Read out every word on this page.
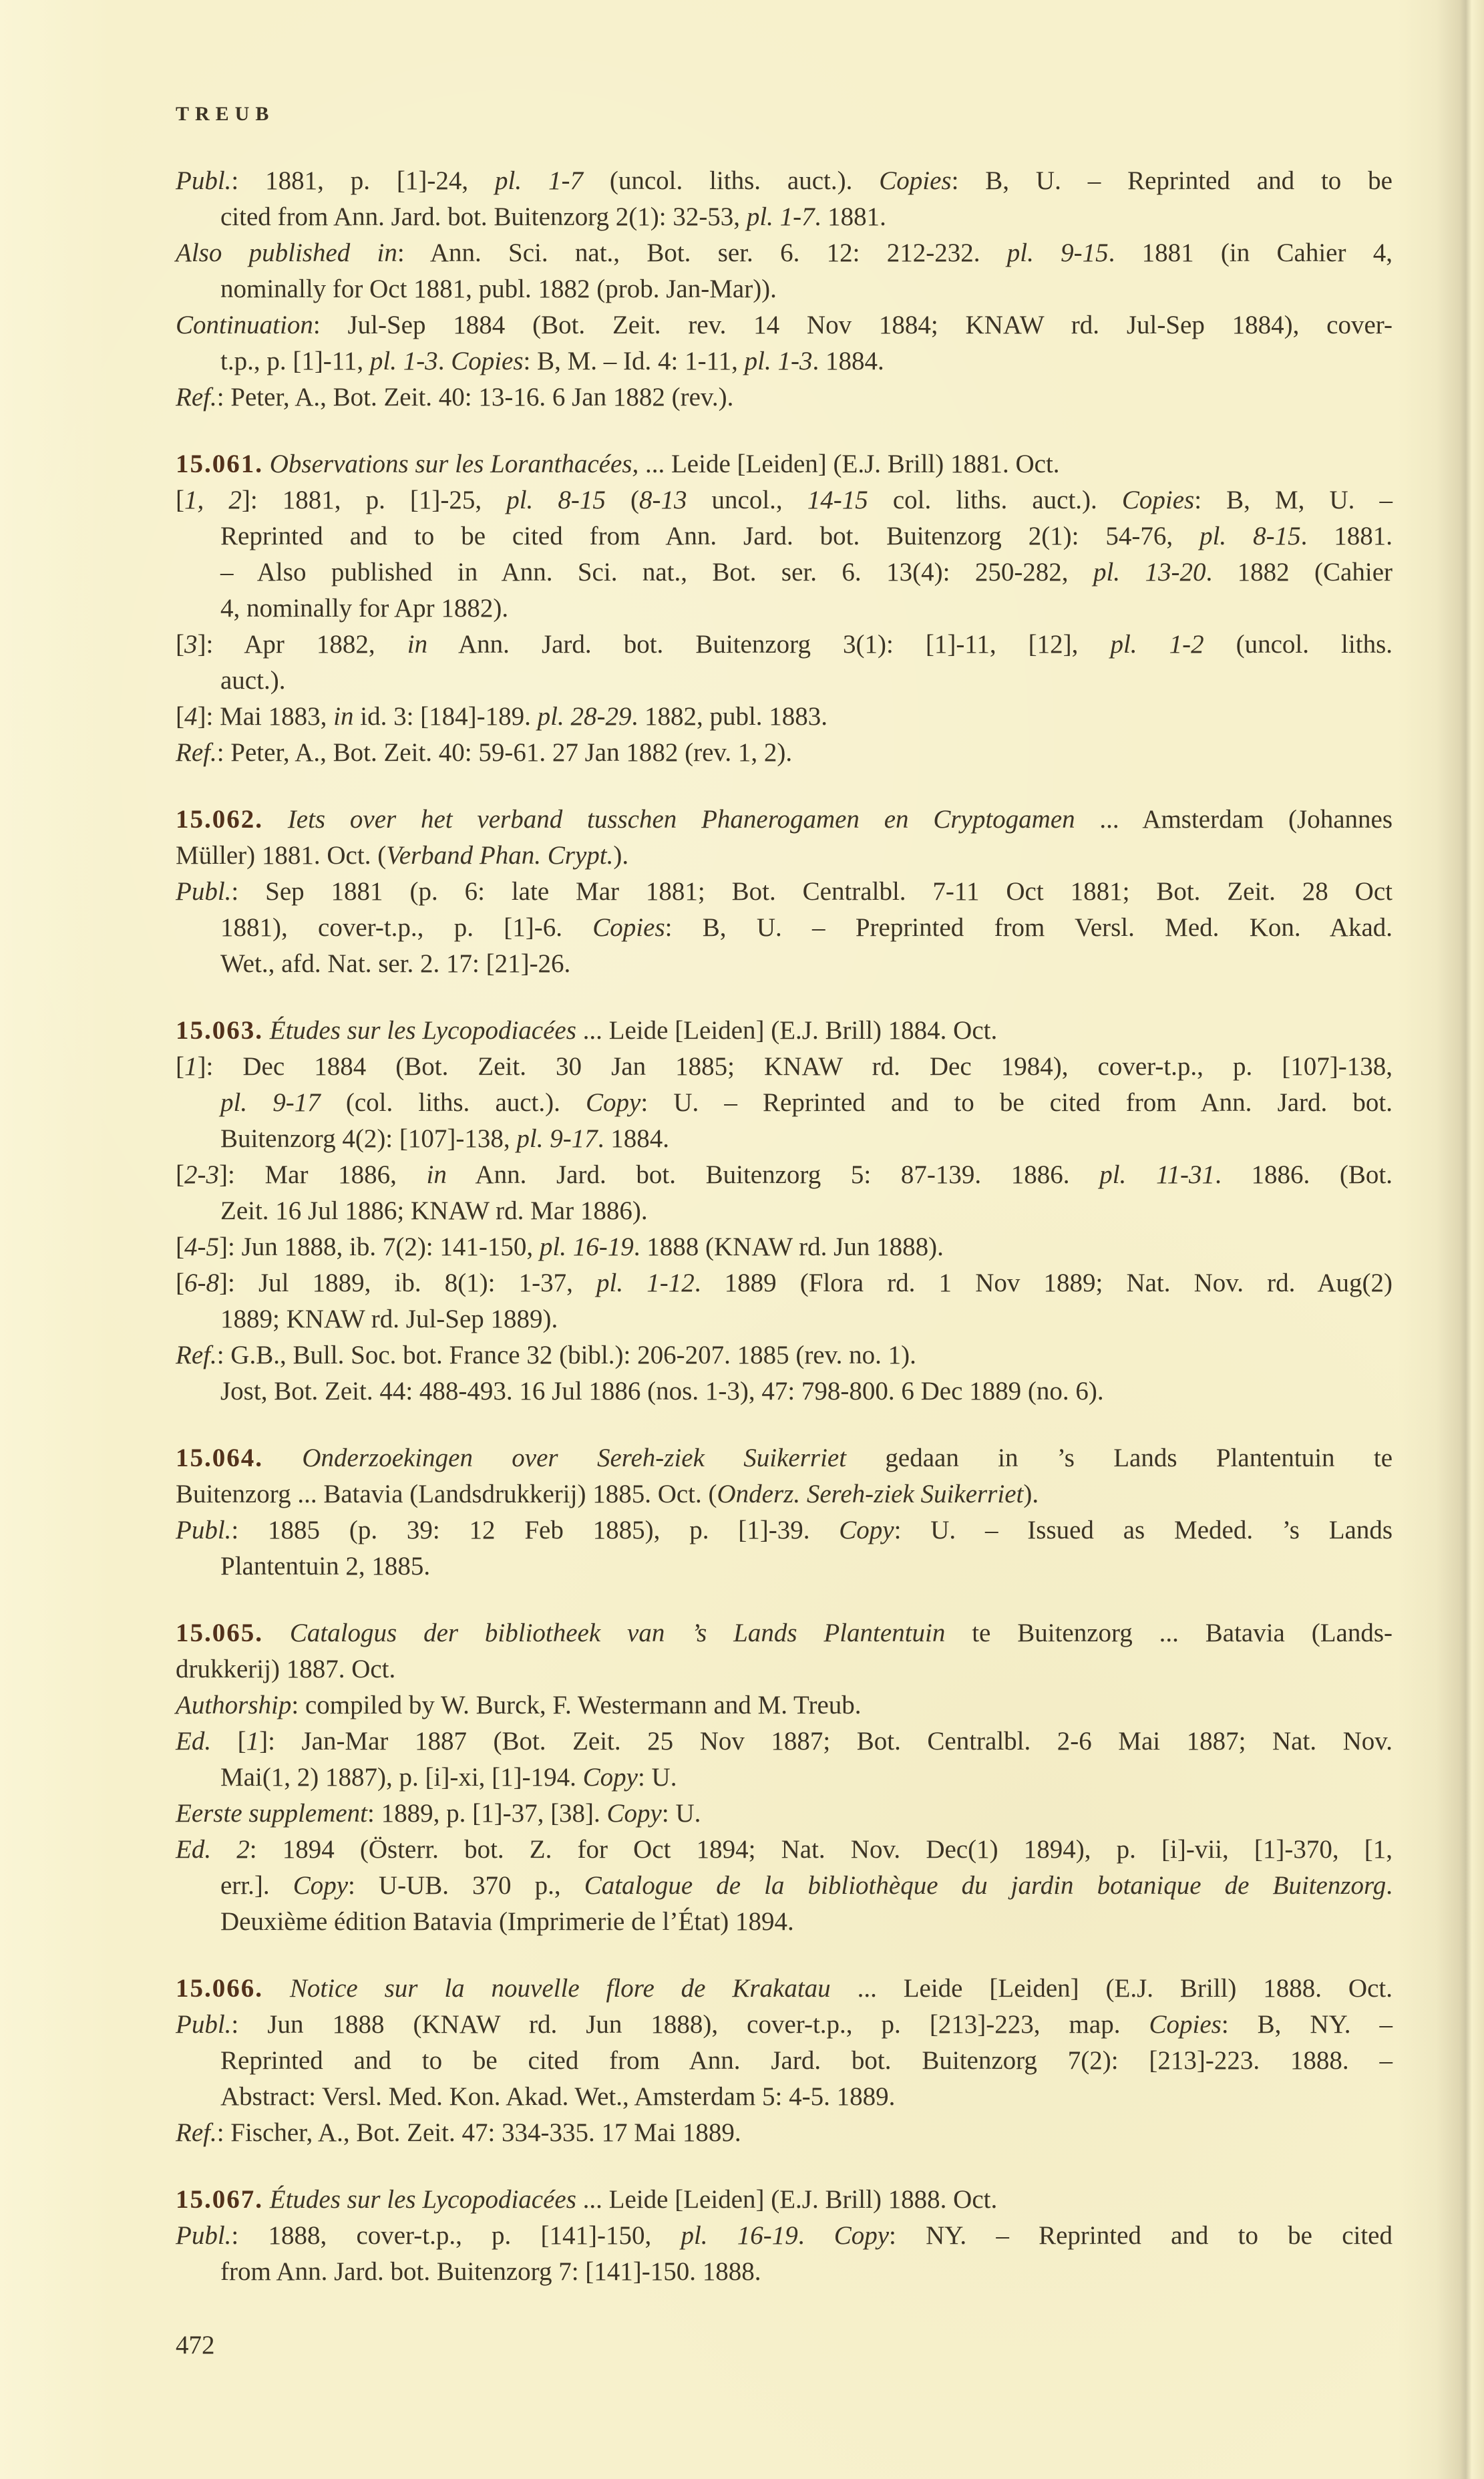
TREUB
Publ.: 1881, p. [1]-24, pl. 1-7 (uncol. liths. auct.). Copies: B, U. – Reprinted and to be
cited from Ann. Jard. bot. Buitenzorg 2(1): 32-53, pl. 1-7. 1881.
Also published in: Ann. Sci. nat., Bot. ser. 6. 12: 212-232. pl. 9-15. 1881 (in Cahier 4,
nominally for Oct 1881, publ. 1882 (prob. Jan-Mar)).
Continuation: Jul-Sep 1884 (Bot. Zeit. rev. 14 Nov 1884; KNAW rd. Jul-Sep 1884), cover-
t.p., p. [1]-11, pl. 1-3. Copies: B, M. – Id. 4: 1-11, pl. 1-3. 1884.
Ref.: Peter, A., Bot. Zeit. 40: 13-16. 6 Jan 1882 (rev.).
15.061. Observations sur les Loranthacées, ... Leide [Leiden] (E.J. Brill) 1881. Oct.
[1, 2]: 1881, p. [1]-25, pl. 8-15 (8-13 uncol., 14-15 col. liths. auct.). Copies: B, M, U. –
Reprinted and to be cited from Ann. Jard. bot. Buitenzorg 2(1): 54-76, pl. 8-15. 1881.
– Also published in Ann. Sci. nat., Bot. ser. 6. 13(4): 250-282, pl. 13-20. 1882 (Cahier
4, nominally for Apr 1882).
[3]: Apr 1882, in Ann. Jard. bot. Buitenzorg 3(1): [1]-11, [12], pl. 1-2 (uncol. liths.
auct.).
[4]: Mai 1883, in id. 3: [184]-189. pl. 28-29. 1882, publ. 1883.
Ref.: Peter, A., Bot. Zeit. 40: 59-61. 27 Jan 1882 (rev. 1, 2).
15.062. Iets over het verband tusschen Phanerogamen en Cryptogamen ... Amsterdam (Johannes
Müller) 1881. Oct. (Verband Phan. Crypt.).
Publ.: Sep 1881 (p. 6: late Mar 1881; Bot. Centralbl. 7-11 Oct 1881; Bot. Zeit. 28 Oct
1881), cover-t.p., p. [1]-6. Copies: B, U. – Preprinted from Versl. Med. Kon. Akad.
Wet., afd. Nat. ser. 2. 17: [21]-26.
15.063. Études sur les Lycopodiacées ... Leide [Leiden] (E.J. Brill) 1884. Oct.
[1]: Dec 1884 (Bot. Zeit. 30 Jan 1885; KNAW rd. Dec 1984), cover-t.p., p. [107]-138,
pl. 9-17 (col. liths. auct.). Copy: U. – Reprinted and to be cited from Ann. Jard. bot.
Buitenzorg 4(2): [107]-138, pl. 9-17. 1884.
[2-3]: Mar 1886, in Ann. Jard. bot. Buitenzorg 5: 87-139. 1886. pl. 11-31. 1886. (Bot.
Zeit. 16 Jul 1886; KNAW rd. Mar 1886).
[4-5]: Jun 1888, ib. 7(2): 141-150, pl. 16-19. 1888 (KNAW rd. Jun 1888).
[6-8]: Jul 1889, ib. 8(1): 1-37, pl. 1-12. 1889 (Flora rd. 1 Nov 1889; Nat. Nov. rd. Aug(2)
1889; KNAW rd. Jul-Sep 1889).
Ref.: G.B., Bull. Soc. bot. France 32 (bibl.): 206-207. 1885 (rev. no. 1).
Jost, Bot. Zeit. 44: 488-493. 16 Jul 1886 (nos. 1-3), 47: 798-800. 6 Dec 1889 (no. 6).
15.064. Onderzoekingen over Sereh-ziek Suikerriet gedaan in ’s Lands Plantentuin te
Buitenzorg ... Batavia (Landsdrukkerij) 1885. Oct. (Onderz. Sereh-ziek Suikerriet).
Publ.: 1885 (p. 39: 12 Feb 1885), p. [1]-39. Copy: U. – Issued as Meded. ’s Lands
Plantentuin 2, 1885.
15.065. Catalogus der bibliotheek van ’s Lands Plantentuin te Buitenzorg ... Batavia (Lands-
drukkerij) 1887. Oct.
Authorship: compiled by W. Burck, F. Westermann and M. Treub.
Ed. [1]: Jan-Mar 1887 (Bot. Zeit. 25 Nov 1887; Bot. Centralbl. 2-6 Mai 1887; Nat. Nov.
Mai(1, 2) 1887), p. [i]-xi, [1]-194. Copy: U.
Eerste supplement: 1889, p. [1]-37, [38]. Copy: U.
Ed. 2: 1894 (Österr. bot. Z. for Oct 1894; Nat. Nov. Dec(1) 1894), p. [i]-vii, [1]-370, [1,
err.]. Copy: U-UB. 370 p., Catalogue de la bibliothèque du jardin botanique de Buitenzorg.
Deuxième édition Batavia (Imprimerie de l’État) 1894.
15.066. Notice sur la nouvelle flore de Krakatau ... Leide [Leiden] (E.J. Brill) 1888. Oct.
Publ.: Jun 1888 (KNAW rd. Jun 1888), cover-t.p., p. [213]-223, map. Copies: B, NY. –
Reprinted and to be cited from Ann. Jard. bot. Buitenzorg 7(2): [213]-223. 1888. –
Abstract: Versl. Med. Kon. Akad. Wet., Amsterdam 5: 4-5. 1889.
Ref.: Fischer, A., Bot. Zeit. 47: 334-335. 17 Mai 1889.
15.067. Études sur les Lycopodiacées ... Leide [Leiden] (E.J. Brill) 1888. Oct.
Publ.: 1888, cover-t.p., p. [141]-150, pl. 16-19. Copy: NY. – Reprinted and to be cited
from Ann. Jard. bot. Buitenzorg 7: [141]-150. 1888.
472
